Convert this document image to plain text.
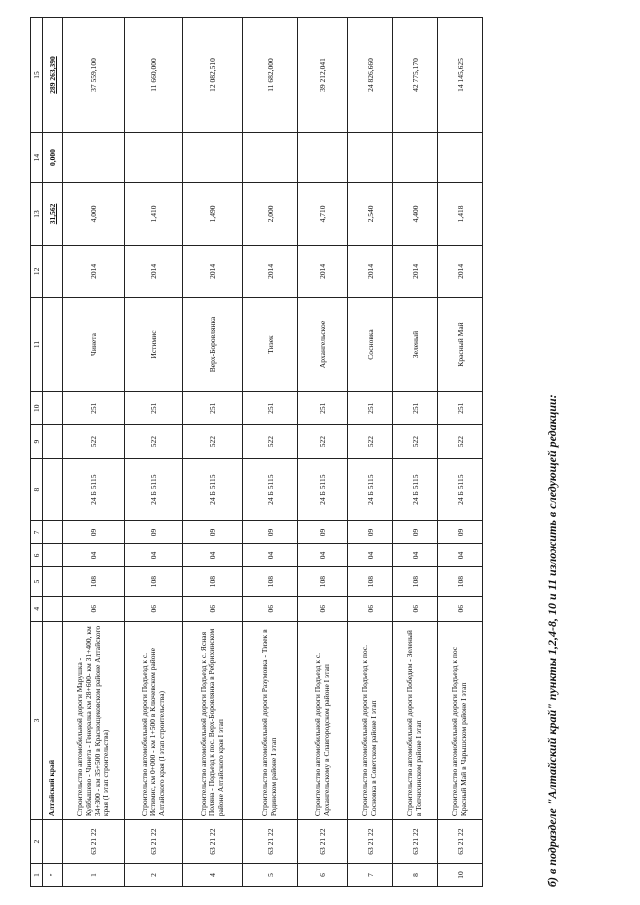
1	2	3	4	5	6	7	8	9	10	11	12	13	14	15
"		Алтайский край										31,562	0,000	289 263,390
1	63 21 22	Строительство автомобильной дороги Марушка - Куйбышево - Чинета - Генералка км 28+600- км 31+400, км 34+300 - км 35+500 в Краснощековском районе Алтайского края (I этап строительства)	06	108	04	09	24 Б 5115	522	251	Чинета	2014	4,000		37 559,100
2	63 21 22	Строительство автомобильной дороги Подъезд к с. Истимис, км 0+000 - км 1+500 в Ключевском районе Алтайского края (I этап строительства)	06	108	04	09	24 Б 5115	522	251	Истимис	2014	1,410		11 660,000
4	63 21 22	Строительство автомобильной дороги Подъезд к с. Ясная Поляна - Подъезд к пос. Верх-Боровлянка в Ребрихинском районе Алтайского края I этап	06	108	04	09	24 Б 5115	522	251	Верх-Боровлянка	2014	1,490		12 082,510
5	63 21 22	Строительство автомобильной дороги Разумовка - Тизек в Родинском районе I этап	06	108	04	09	24 Б 5115	522	251	Тизек	2014	2,000		11 682,000
6	63 21 22	Строительство автомобильной дороги Подъезд к с. Архангельскому в Славгородском районе I этап	06	108	04	09	24 Б 5115	522	251	Архангельское	2014	4,710		39 212,041
7	63 21 22	Строительство автомобильной дороги Подъезд к пос. Сосновка в Советском районе I этап	06	108	04	09	24 Б 5115	522	251	Сосновка	2014	2,540		24 826,660
8	63 21 22	Строительство автомобильной дороги Победим - Зеленый в Топчихинском районе I этап	06	108	04	09	24 Б 5115	522	251	Зеленый	2014	4,400		42 775,170
10	63 21 22	Строительство автомобильной дороги Подъезд к пос Красный Май в Чарышском районе I этап	06	108	04	09	24 Б 5115	522	251	Красный Май	2014	1,418		14 145,625
б) в подразделе "Алтайский край" пункты 1,2,4-8, 10 и 11 изложить в следующей редакции:
